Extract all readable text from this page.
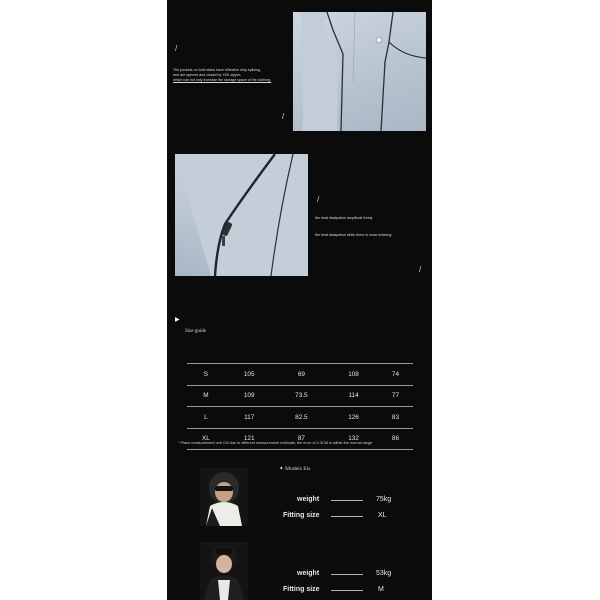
/
The pockets on both sides have reflective strip splicing,
and are opened and closed by YKK zipper,
which can not only increase the storage space of the clothing.
/
/
the heat dissipation amplitude freely
the heat dissipation while there is snow entering
/
▶
Size guide
S	105	69	108	74
M	109	73.5	114	77
L	117	82.5	126	83
XL	121	87	132	86
* Plane measurement unit CM due to different measurement methods, the error of 2-3CM is within the normal range
✦ Models Eis
weight	75kg
Fitting size	XL
weight	53kg
Fitting size	M
